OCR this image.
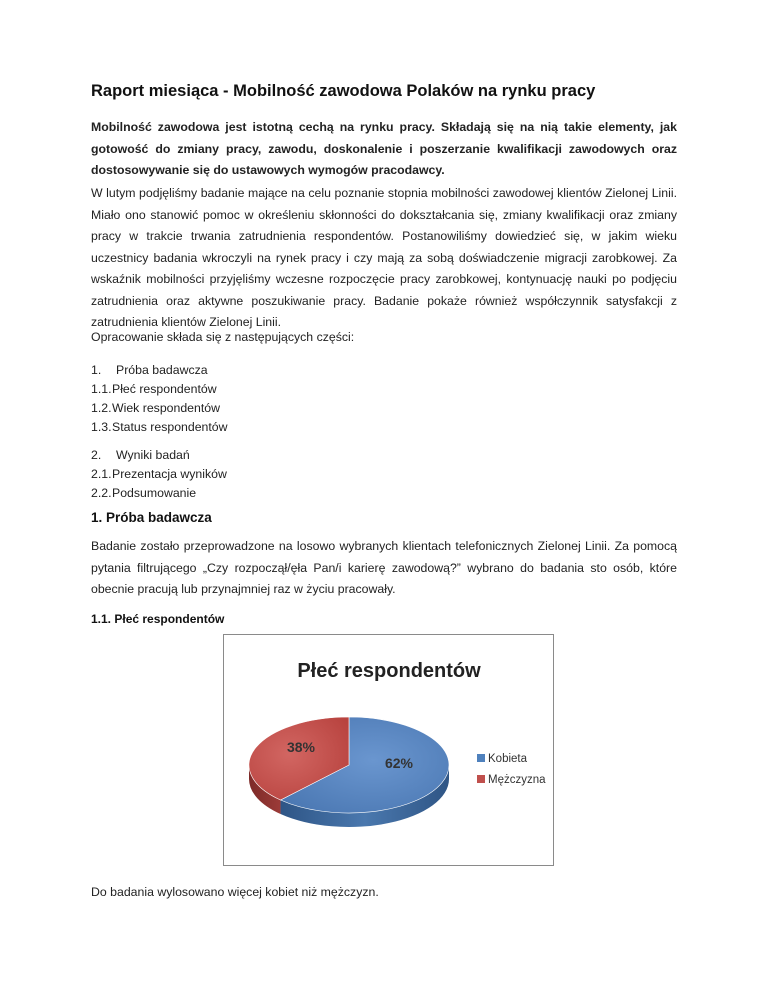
Raport miesiąca - Mobilność zawodowa Polaków na rynku pracy

Mobilność zawodowa jest istotną cechą na rynku pracy. Składają się na nią takie elementy, jak gotowość do zmiany pracy, zawodu, doskonalenie i poszerzanie kwalifikacji zawodowych oraz dostosowywanie się do ustawowych wymogów pracodawcy.

W lutym podjęliśmy badanie mające na celu poznanie stopnia mobilności zawodowej klientów Zielonej Linii. Miało ono stanowić pomoc w określeniu skłonności do dokształcania się, zmiany kwalifikacji oraz zmiany pracy w trakcie trwania zatrudnienia respondentów. Postanowiliśmy dowiedzieć się, w jakim wieku uczestnicy badania wkroczyli na rynek pracy i czy mają za sobą doświadczenie migracji zarobkowej. Za wskaźnik mobilności przyjęliśmy wczesne rozpoczęcie pracy zarobkowej, kontynuację nauki po podjęciu zatrudnienia oraz aktywne poszukiwanie pracy. Badanie pokaże również współczynnik satysfakcji z zatrudnienia klientów Zielonej Linii.

Opracowanie składa się z następujących części:

1. Próba badawcza
1.1.Płeć respondentów
1.2.Wiek respondentów
1.3.Status respondentów
2. Wyniki badań
2.1.Prezentacja wyników
2.2.Podsumowanie
1. Próba badawcza

Badanie zostało przeprowadzone na losowo wybranych klientach telefonicznych Zielonej Linii. Za pomocą pytania filtrującego „Czy rozpoczął/ęła Pan/i karierę zawodową?” wybrano do badania sto osób, które obecnie pracują lub przynajmniej raz w życiu pracowały.

1.1. Płeć respondentów
Płeć respondentów
62%
38%
Kobieta
Mężczyzna

Do badania wylosowano więcej kobiet niż mężczyzn.
